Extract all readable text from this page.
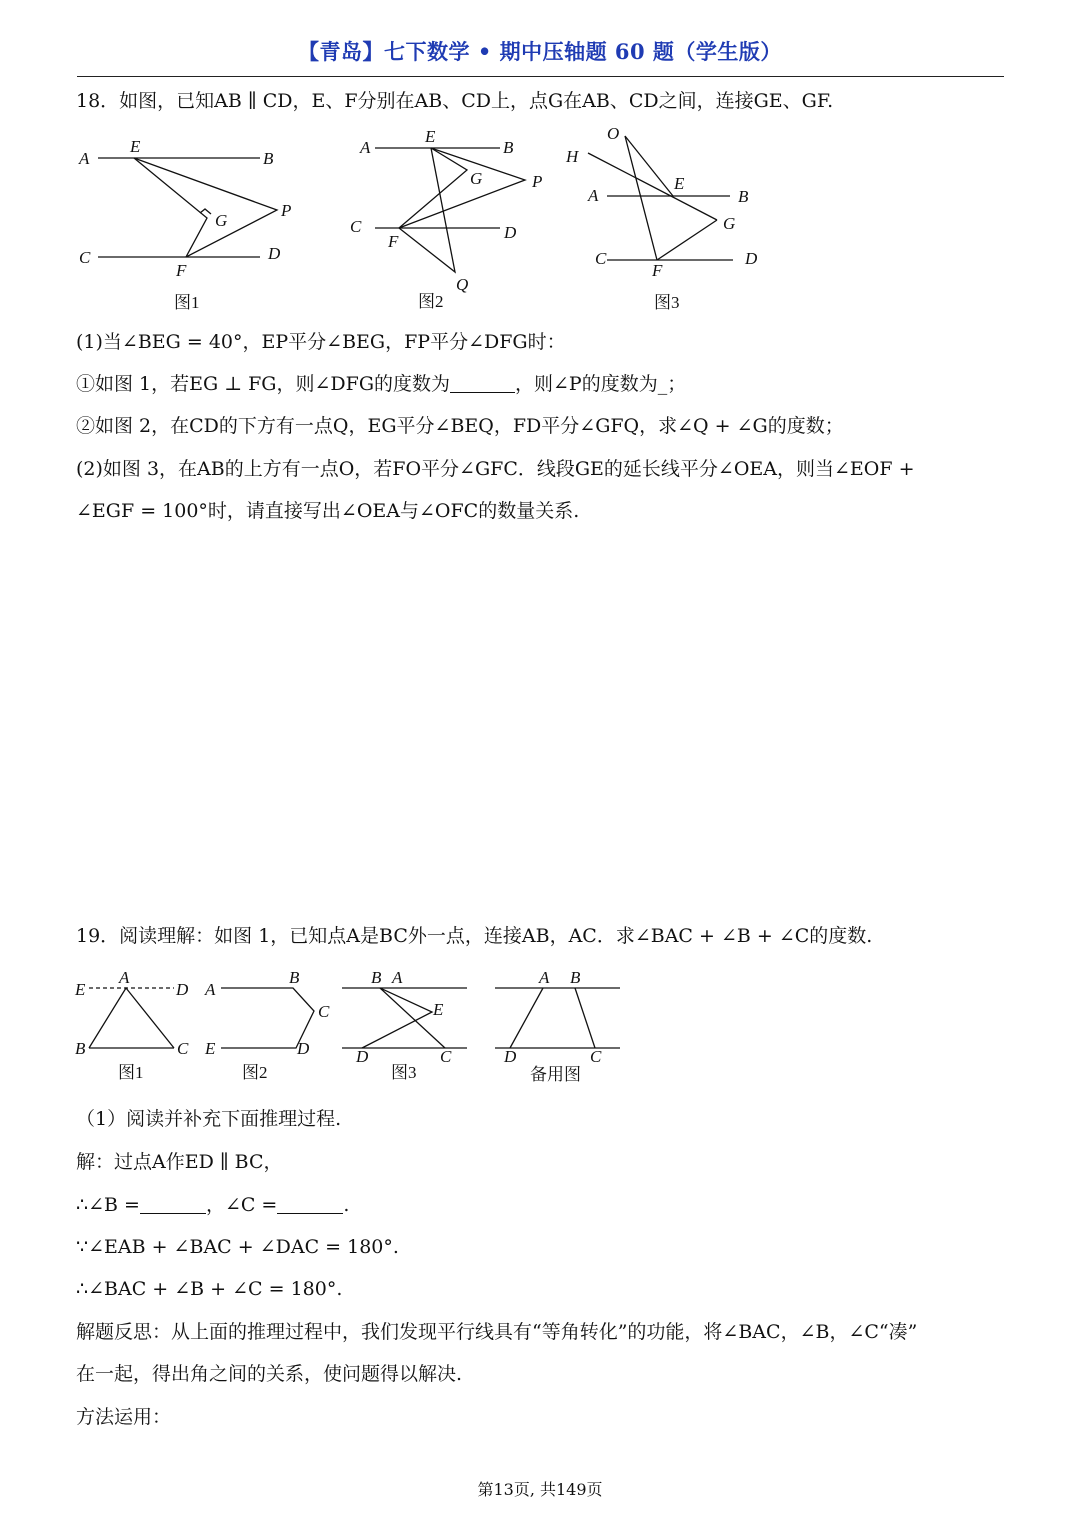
【青岛】七下数学 • 期中压轴题 60 题（学生版）
18．如图，已知AB ∥ CD，E、F分别在AB、CD上，点G在AB、CD之间，连接GE、GF.
A
E
B
G
P
C
F
D
图1
A
E
B
G	P
C
F	D
Q
图2
O
H
A
E
B
G
C
F
D
图3
(1)当∠BEG = 40°，EP平分∠BEG，FP平分∠DFG时：
①如图 1，若EG ⊥ FG，则∠DFG的度数为	，则∠P的度数为_；
②如图 2，在CD的下方有一点Q，EG平分∠BEQ，FD平分∠GFQ，求∠Q + ∠G的度数；
(2)如图 3，在AB的上方有一点O，若FO平分∠GFC．线段GE的延长线平分∠OEA，则当∠EOF +
∠EGF = 100°时，请直接写出∠OEA与∠OFC的数量关系.
19．阅读理解：如图 1，已知点A是BC外一点，连接AB，AC．求∠BAC + ∠B + ∠C的度数.
E
A
D
B	C
图1
A
B
C
E	D
图2
B A
E
D	C
图3
A B
D	C
备用图
（1）阅读并补充下面推理过程.
解：过点A作ED ∥ BC，
∴∠B =	，∠C =	.
∵∠EAB + ∠BAC + ∠DAC = 180°.
∴∠BAC + ∠B + ∠C = 180°.
解题反思：从上面的推理过程中，我们发现平行线具有“等角转化”的功能，将∠BAC，∠B，∠C“凑”
在一起，得出角之间的关系，使问题得以解决.
方法运用：
第13页, 共149页
